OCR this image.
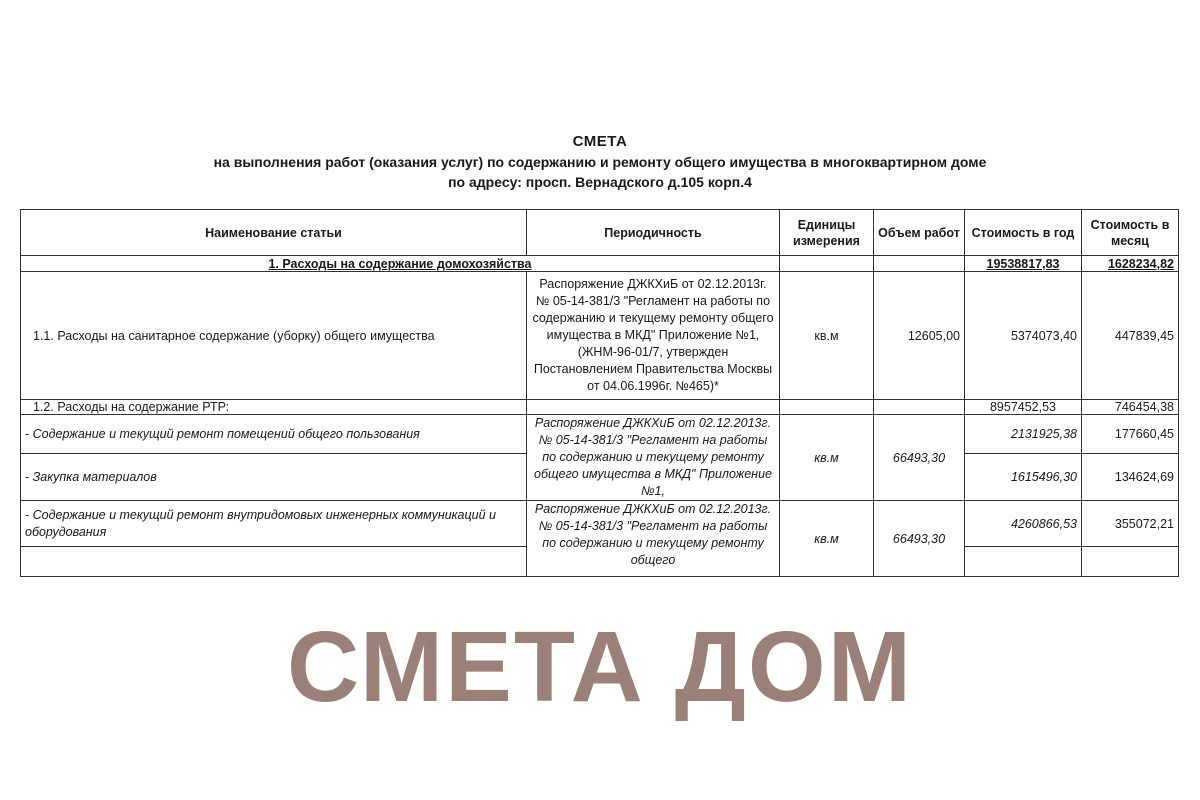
СМЕТА
на выполнения работ (оказания услуг) по содержанию и ремонту общего имущества в многоквартирном доме
по адресу: просп. Вернадского д.105 корп.4
Наименование статьи	Периодичность	Единицы измерения	Объем работ	Стоимость в год	Стоимость в месяц
1. Расходы на содержание домохозяйства				19538817,83	1628234,82
1.1. Расходы на санитарное содержание (уборку) общего имущества	Распоряжение ДЖКХиБ от 02.12.2013г. № 05-14-381/3 "Регламент на работы по содержанию и текущему ремонту общего имущества в МКД" Приложение №1, (ЖНМ-96-01/7, утвержден Постановлением Правительства Москвы от 04.06.1996г. №465)*	кв.м	12605,00	5374073,40	447839,45
1.2. Расходы на содержание РТР:				8957452,53	746454,38
- Содержание и текущий ремонт помещений общего пользования	Распоряжение ДЖКХиБ от 02.12.2013г. № 05-14-381/3 "Регламент на работы по содержанию и текущему ремонту общего имущества в МКД" Приложение №1,	кв.м	66493,30	2131925,38	177660,45
- Закупка материалов				1615496,30	134624,69
- Содержание и текущий ремонт внутридомовых инженерных коммуникаций и оборудования	Распоряжение ДЖКХиБ от 02.12.2013г. № 05-14-381/3 "Регламент на работы по содержанию и текущему ремонту общего	кв.м	66493,30	4260866,53	355072,21

СМЕТА ДОМ
